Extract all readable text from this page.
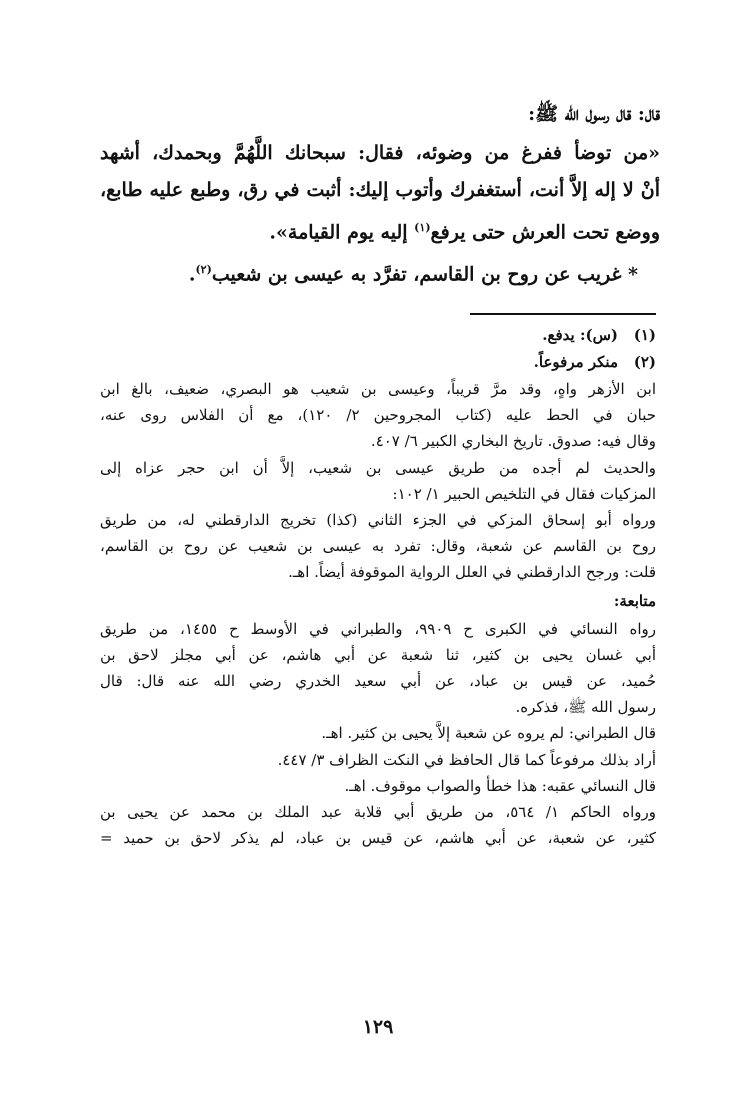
قال: قال رسول الله ﷺ:
«من توضأ ففرغ من وضوئه، فقال: سبحانك اللَّهُمَّ وبحمدك، أشهد
أنْ لا إله إلاَّ أنت، أستغفرك وأتوب إليك: أثبت في رق، وطبع عليه طابع،
ووضع تحت العرش حتى يرفع$^{(١)}$ إليه يوم القيامة».
* غريب عن روح بن القاسم، تفرَّد به عيسى بن شعيب$^{(٢)}$.
(١)(س): يدفع.
(٢)منكر مرفوعاً.
ابن الأزهر واهٍ، وقد مرَّ قريباً، وعيسى بن شعيب هو البصري، ضعيف، بالغ ابن
حبان في الحط عليه (كتاب المجروحين ٢/ ١٢٠)، مع أن الفلاس روى عنه،
وقال فيه: صدوق. تاريخ البخاري الكبير ٦/ ٤٠٧.
والحديث لم أجده من طريق عيسى بن شعيب، إلاَّ أن ابن حجر عزاه إلى
المزكيات فقال في التلخيص الحبير ١/ ١٠٢:
ورواه أبو إسحاق المزكي في الجزء الثاني (كذا) تخريج الدارقطني له، من طريق
روح بن القاسم عن شعبة، وقال: تفرد به عيسى بن شعيب عن روح بن القاسم،
قلت: ورجح الدارقطني في العلل الرواية الموقوفة أيضاً. اهـ.
متابعة:
رواه النسائي في الكبرى ح ٩٩٠٩، والطبراني في الأوسط ح ١٤٥٥، من طريق
أبي غسان يحيى بن كثير، ثنا شعبة عن أبي هاشم، عن أبي مجلز لاحق بن
حُميد، عن قيس بن عباد، عن أبي سعيد الخدري رضي الله عنه قال: قال
رسول الله ﷺ، فذكره.
قال الطبراني: لم يروه عن شعبة إلاَّ يحيى بن كثير. اهـ.
أراد بذلك مرفوعاً كما قال الحافظ في النكت الظراف ٣/ ٤٤٧.
قال النسائي عقبه: هذا خطأ والصواب موقوف. اهـ.
ورواه الحاكم ١/ ٥٦٤، من طريق أبي قلابة عبد الملك بن محمد عن يحيى بن
كثير، عن شعبة، عن أبي هاشم، عن قيس بن عباد، لم يذكر لاحق بن حميد =
١٢٩
